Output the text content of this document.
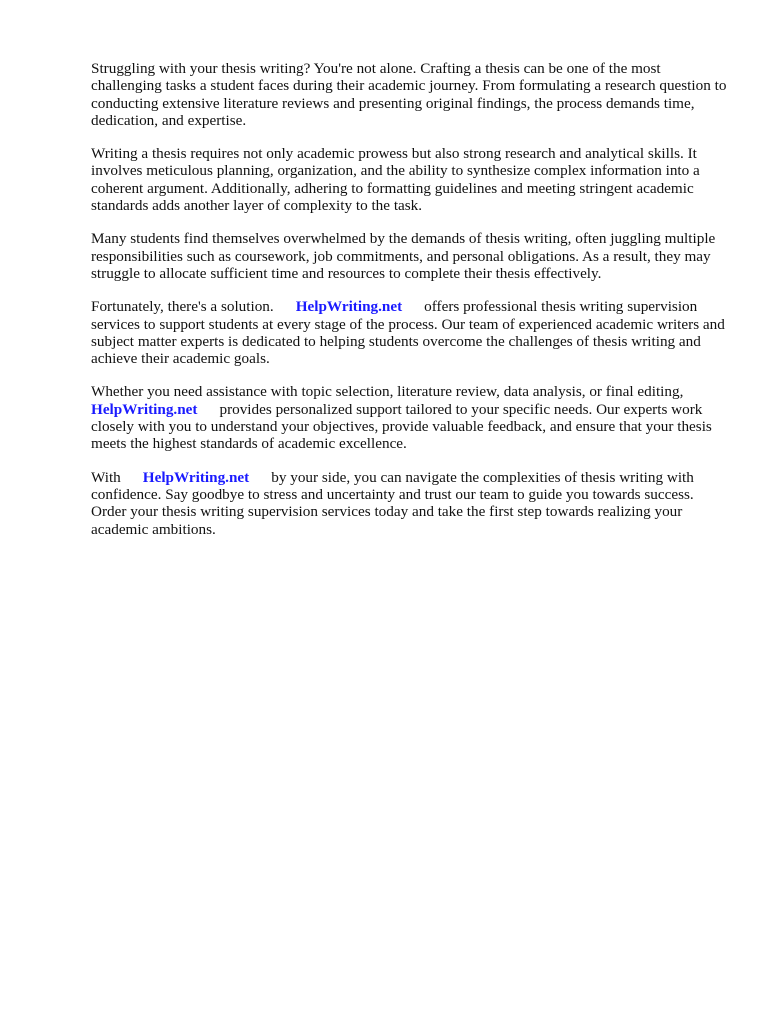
Struggling with your thesis writing? You're not alone. Crafting a thesis can be one of the most challenging tasks a student faces during their academic journey. From formulating a research question to conducting extensive literature reviews and presenting original findings, the process demands time, dedication, and expertise.

Writing a thesis requires not only academic prowess but also strong research and analytical skills. It involves meticulous planning, organization, and the ability to synthesize complex information into a coherent argument. Additionally, adhering to formatting guidelines and meeting stringent academic standards adds another layer of complexity to the task.

Many students find themselves overwhelmed by the demands of thesis writing, often juggling multiple responsibilities such as coursework, job commitments, and personal obligations. As a result, they may struggle to allocate sufficient time and resources to complete their thesis effectively.

Fortunately, there's a solution. HelpWriting.net offers professional thesis writing supervision services to support students at every stage of the process. Our team of experienced academic writers and subject matter experts is dedicated to helping students overcome the challenges of thesis writing and achieve their academic goals.

Whether you need assistance with topic selection, literature review, data analysis, or final editing, HelpWriting.net provides personalized support tailored to your specific needs. Our experts work closely with you to understand your objectives, provide valuable feedback, and ensure that your thesis meets the highest standards of academic excellence.

With HelpWriting.net by your side, you can navigate the complexities of thesis writing with confidence. Say goodbye to stress and uncertainty and trust our team to guide you towards success. Order your thesis writing supervision services today and take the first step towards realizing your academic ambitions.
